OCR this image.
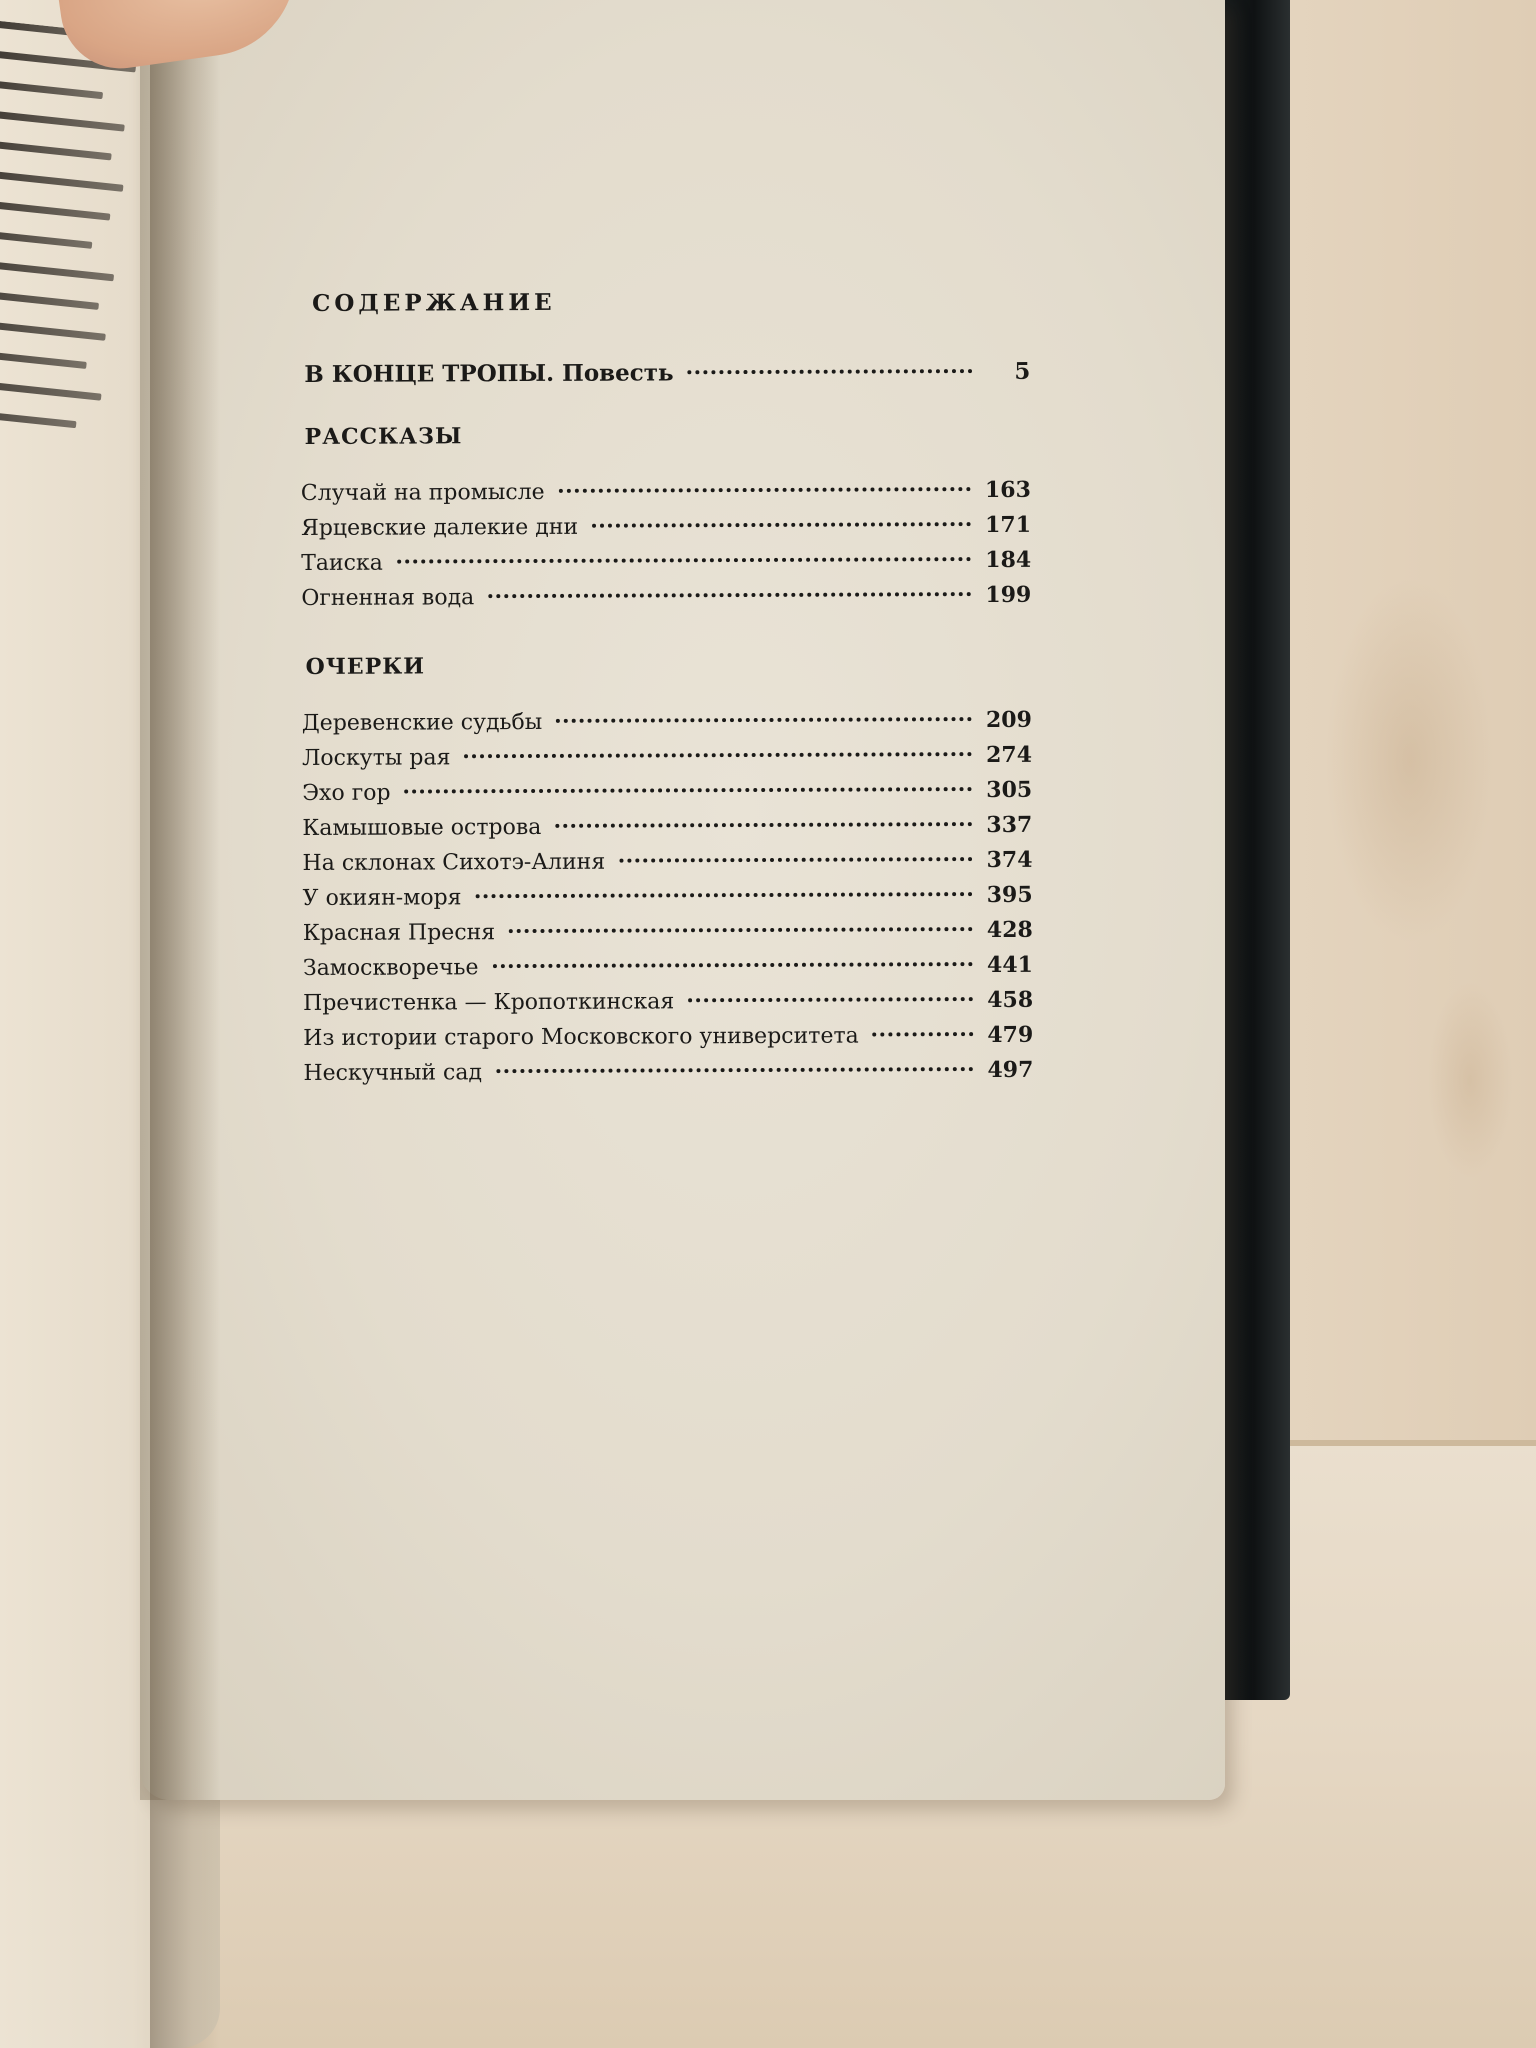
СОДЕРЖАНИЕ
В КОНЦЕ ТРОПЫ. Повесть	5
РАССКАЗЫ
Случай на промысле	163
Ярцевские далекие дни	171
Таиска	184
Огненная вода	199
ОЧЕРКИ
Деревенские судьбы	209
Лоскуты рая	274
Эхо гор	305
Камышовые острова	337
На склонах Сихотэ-Алиня	374
У окиян-моря	395
Красная Пресня	428
Замоскворечье	441
Пречистенка — Кропоткинская	458
Из истории старого Московского университета	479
Нескучный сад	497
